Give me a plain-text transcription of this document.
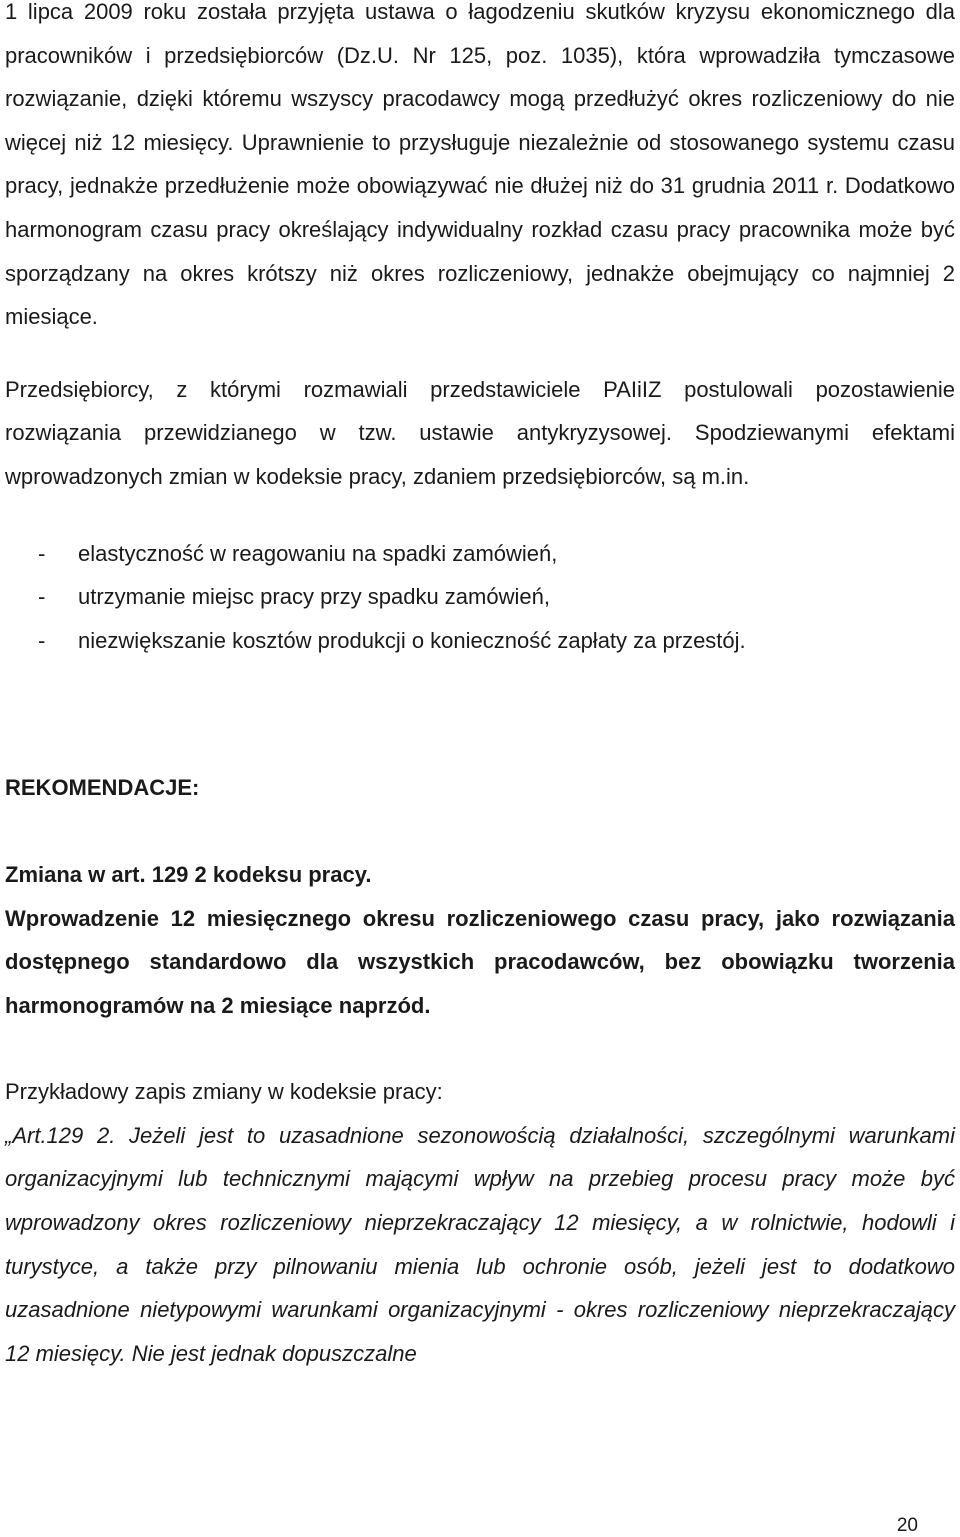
1 lipca 2009 roku została przyjęta ustawa o łagodzeniu skutków kryzysu ekonomicznego dla pracowników i przedsiębiorców (Dz.U. Nr 125, poz. 1035), która wprowadziła tymczasowe rozwiązanie, dzięki któremu wszyscy pracodawcy mogą przedłużyć okres rozliczeniowy do nie więcej niż 12 miesięcy. Uprawnienie to przysługuje niezależnie od stosowanego systemu czasu pracy, jednakże przedłużenie może obowiązywać nie dłużej niż do 31 grudnia 2011 r. Dodatkowo harmonogram czasu pracy określający indywidualny rozkład czasu pracy pracownika może być sporządzany na okres krótszy niż okres rozliczeniowy, jednakże obejmujący co najmniej 2 miesiące.

Przedsiębiorcy, z którymi rozmawiali przedstawiciele PAIiIZ postulowali pozostawienie rozwiązania przewidzianego w tzw. ustawie antykryzysowej. Spodziewanymi efektami wprowadzonych zmian w kodeksie pracy, zdaniem przedsiębiorców, są m.in.

- elastyczność w reagowaniu na spadki zamówień,
- utrzymanie miejsc pracy przy spadku zamówień,
- niezwiększanie kosztów produkcji o konieczność zapłaty za przestój.

REKOMENDACJE:

Zmiana w art. 129 2 kodeksu pracy.

Wprowadzenie 12 miesięcznego okresu rozliczeniowego czasu pracy, jako rozwiązania dostępnego standardowo dla wszystkich pracodawców, bez obowiązku tworzenia harmonogramów na 2 miesiące naprzód.

Przykładowy zapis zmiany w kodeksie pracy:

„Art.129 2. Jeżeli jest to uzasadnione sezonowością działalności, szczególnymi warunkami organizacyjnymi lub technicznymi mającymi wpływ na przebieg procesu pracy może być wprowadzony okres rozliczeniowy nieprzekraczający 12 miesięcy, a w rolnictwie, hodowli i turystyce, a także przy pilnowaniu mienia lub ochronie osób, jeżeli jest to dodatkowo uzasadnione nietypowymi warunkami organizacyjnymi - okres rozliczeniowy nieprzekraczający 12 miesięcy. Nie jest jednak dopuszczalne

20
